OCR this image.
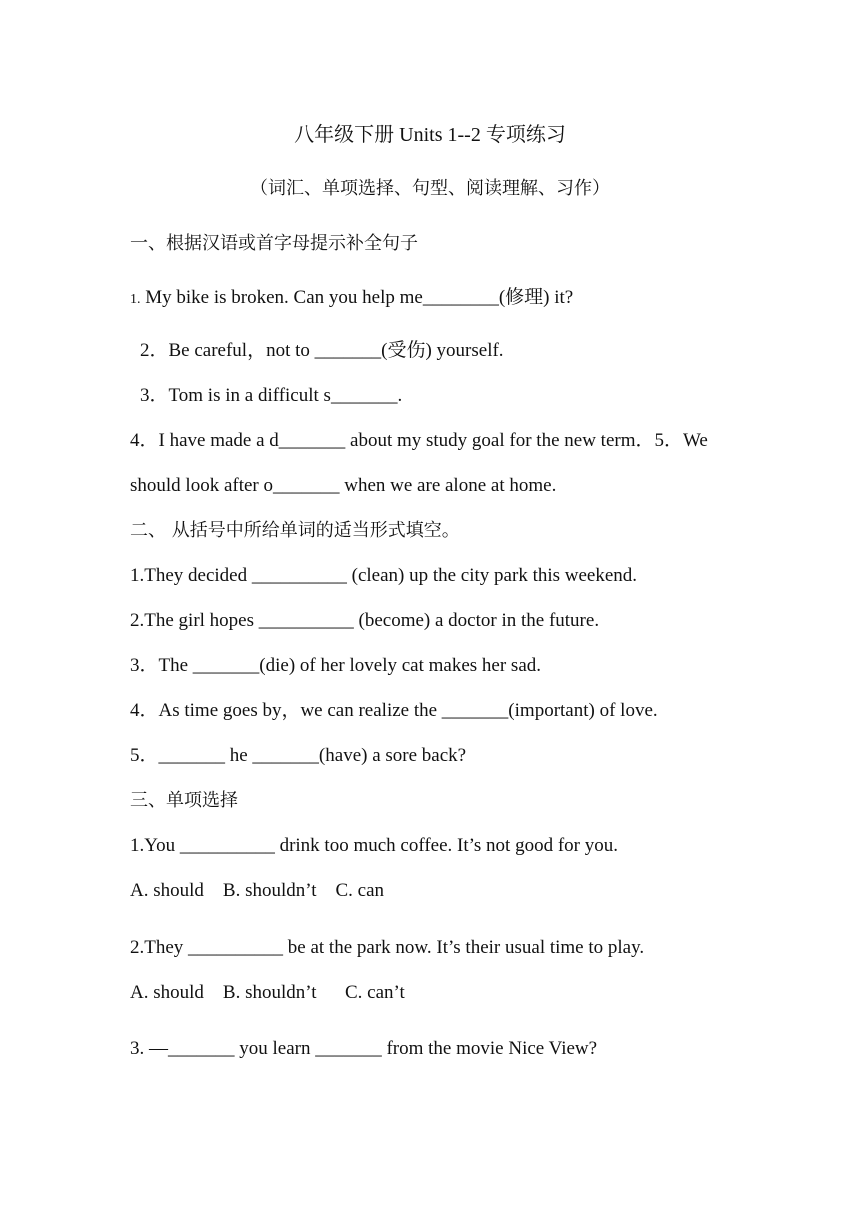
八年级下册 Units 1--2 专项练习
（词汇、单项选择、句型、阅读理解、习作）
一、根据汉语或首字母提示补全句子
1. My bike is broken. Can you help me________(修理) it?
2．Be careful，not to _______(受伤) yourself.
3．Tom is in a difficult s_______.
4．I have made a d_______ about my study goal for the new term．5．We
should look after o_______ when we are alone at home.
二、 从括号中所给单词的适当形式填空。
1.They decided __________ (clean) up the city park this weekend.
2.The girl hopes __________ (become) a doctor in the future.
3．The _______(die) of her lovely cat makes her sad.
4．As time goes by，we can realize the _______(important) of love.
5．_______ he _______(have) a sore back?
三、单项选择
1.You __________ drink too much coffee. It’s not good for you.
A. should    B. shouldn’t    C. can
2.They __________ be at the park now. It’s their usual time to play.
A. should    B. shouldn’t      C. can’t
3. —_______ you learn _______ from the movie Nice View?
